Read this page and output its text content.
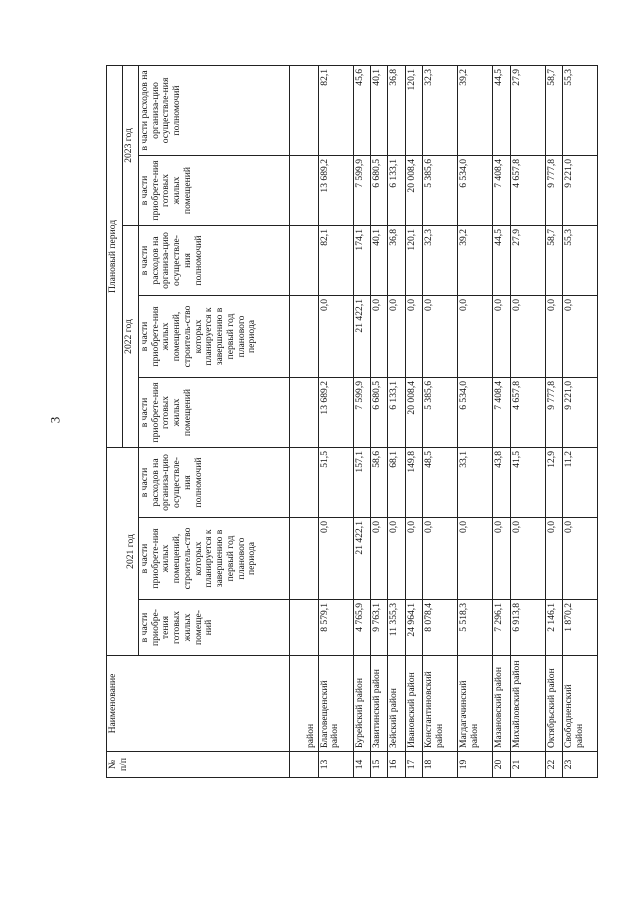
3
№ п/п	Наименование	2021 год			Плановый период				
					2022 год			2023 год	
		в части приобре-тения готовых жилых помеще-ний	в части приобрете-ния жилых помещений, строитель-ство которых планируется к завершению в первый год планового периода	в части расходов на организа-цию осуществле-ния полномочий	в части приобрете-ния готовых жилых помещений	в части приобрете-ния жилых помещений, строитель-ство которых планируется к завершению в первый год планового периода	в части расходов на организа-цию осуществле-ния полномочий	в части приобрете-ния готовых жилых помещений	в части расходов на организа-цию осуществле-ния полномочий
	район								
13	Благовещенский район	8 579,1	0,0	51,5	13 689,2	0,0	82,1	13 689,2	82,1
14	Бурейский район	4 765,9	21 422,1	157,1	7 599,9	21 422,1	174,1	7 599,9	45,6
15	Завитинский район	9 763,1	0,0	58,6	6 680,5	0,0	40,1	6 680,5	40,1
16	Зейский район	11 355,3	0,0	68,1	6 133,1	0,0	36,8	6 133,1	36,8
17	Ивановский район	24 964,1	0,0	149,8	20 008,4	0,0	120,1	20 008,4	120,1
18	Константиновский район	8 078,4	0,0	48,5	5 385,6	0,0	32,3	5 385,6	32,3
19	Магдагачинский район	5 518,3	0,0	33,1	6 534,0	0,0	39,2	6 534,0	39,2
20	Мазановский район	7 296,1	0,0	43,8	7 408,4	0,0	44,5	7 408,4	44,5
21	Михайловский район	6 913,8	0,0	41,5	4 657,8	0,0	27,9	4 657,8	27,9
22	Октябрьский район	2 146,1	0,0	12,9	9 777,8	0,0	58,7	9 777,8	58,7
23	Свободненский район	1 870,2	0,0	11,2	9 221,0	0,0	55,3	9 221,0	55,3
